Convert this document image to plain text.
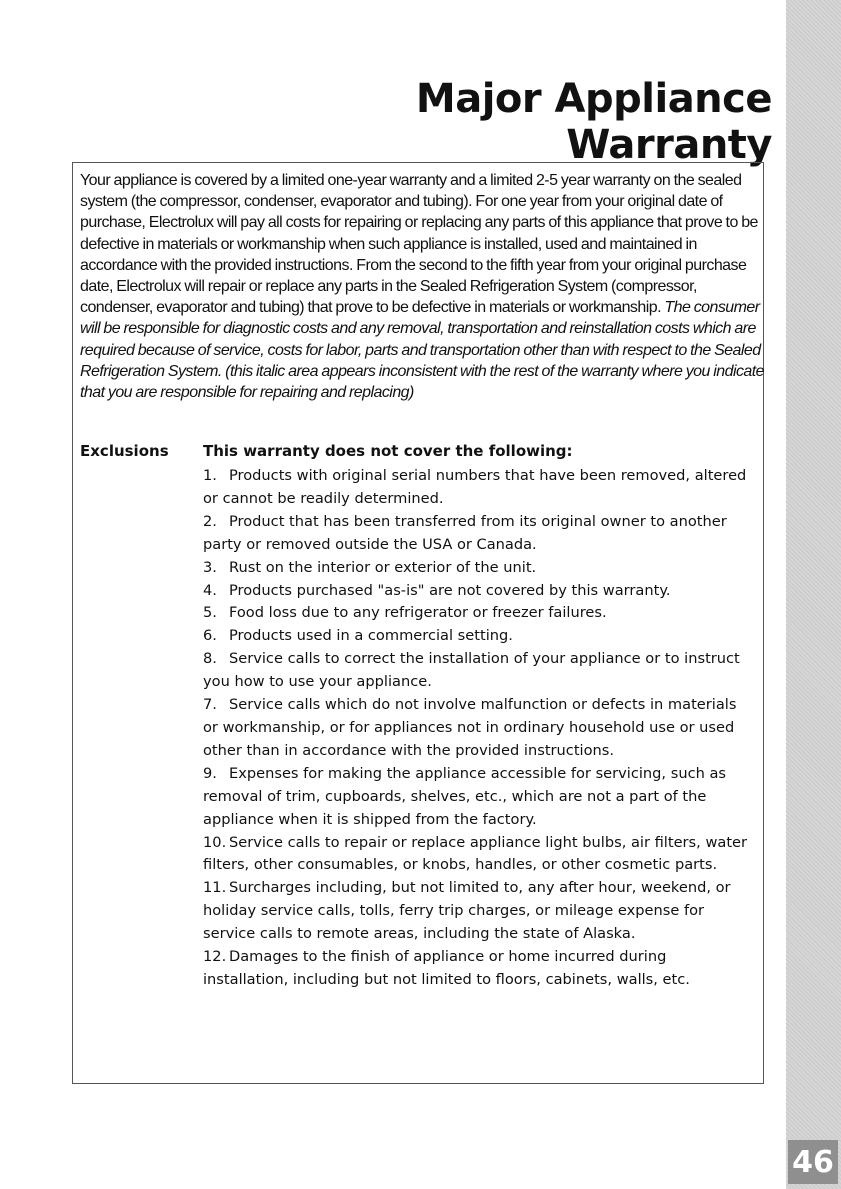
46
Major Appliance Warranty

Your appliance is covered by a limited one-year warranty and a limited 2-5 year warranty on the sealed system (the compressor, condenser, evaporator and tubing). For one year from your original date of purchase, Electrolux will pay all costs for repairing or replacing any parts of this appliance that prove to be defective in materials or workmanship when such appliance is installed, used and maintained in accordance with the provided instructions. From the second to the fifth year from your original purchase date, Electrolux will repair or replace any parts in the Sealed Refrigeration System (compressor, condenser, evaporator and tubing) that prove to be defective in materials or workmanship. The consumer will be responsible for diagnostic costs and any removal, transportation and reinstallation costs which are required because of service, costs for labor, parts and transportation other than with respect to the Sealed Refrigeration System. (this italic area appears inconsistent with the rest of the warranty where you indicate that you are responsible for repairing and replacing)

Exclusions This warranty does not cover the following:

1. Products with original serial numbers that have been removed, altered or cannot be readily determined.
2. Product that has been transferred from its original owner to another party or removed outside the USA or Canada.
3. Rust on the interior or exterior of the unit.
4. Products purchased "as-is" are not covered by this warranty.
5. Food loss due to any refrigerator or freezer failures.
6. Products used in a commercial setting.
8. Service calls to correct the installation of your appliance or to instruct you how to use your appliance.
7. Service calls which do not involve malfunction or defects in materials or workmanship, or for appliances not in ordinary household use or used other than in accordance with the provided instructions.
9. Expenses for making the appliance accessible for servicing, such as removal of trim, cupboards, shelves, etc., which are not a part of the appliance when it is shipped from the factory.
10. Service calls to repair or replace appliance light bulbs, air filters, water filters, other consumables, or knobs, handles, or other cosmetic parts.
11. Surcharges including, but not limited to, any after hour, weekend, or holiday service calls, tolls, ferry trip charges, or mileage expense for service calls to remote areas, including the state of Alaska.
12. Damages to the finish of appliance or home incurred during installation, including but not limited to floors, cabinets, walls, etc.
